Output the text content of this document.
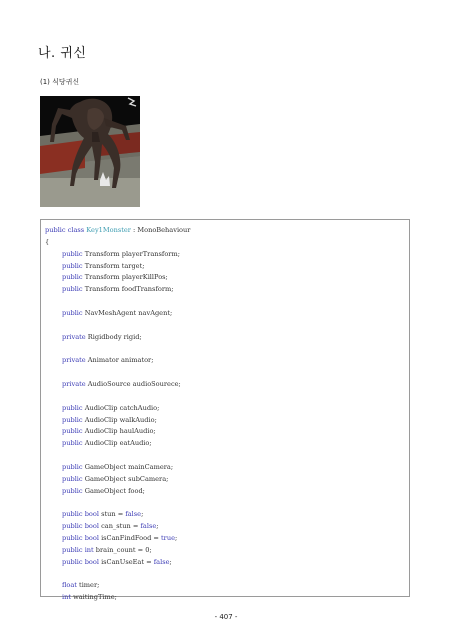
나. 귀신
(1) 식당귀신
public class Key1Monster : MonoBehaviour
{
public Transform playerTransform;
public Transform target;
public Transform playerKillPos;
public Transform foodTransform;

public NavMeshAgent navAgent;

private Rigidbody rigid;

private Animator animator;

private AudioSource audioSourece;

public AudioClip catchAudio;
public AudioClip walkAudio;
public AudioClip haulAudio;
public AudioClip eatAudio;

public GameObject mainCamera;
public GameObject subCamera;
public GameObject food;

public bool stun = false;
public bool can_stun = false;
public bool isCanFindFood = true;
public int brain_count = 0;
public bool isCanUseEat = false;

float timer;
int waitingTime;
- 407 -
